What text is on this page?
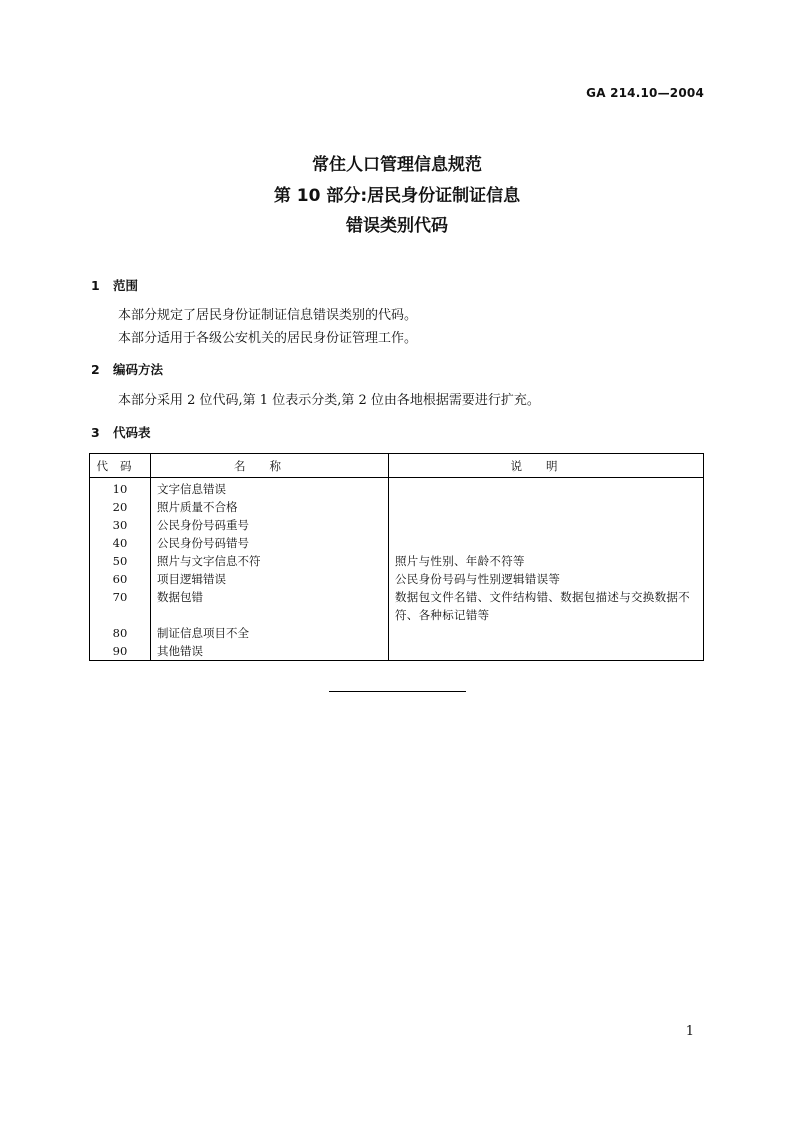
GA 214.10—2004
常住人口管理信息规范
第 10 部分:居民身份证制证信息
错误类别代码
1 范围
本部分规定了居民身份证制证信息错误类别的代码。
本部分适用于各级公安机关的居民身份证管理工作。
2 编码方法
本部分采用 2 位代码,第 1 位表示分类,第 2 位由各地根据需要进行扩充。
3 代码表
代码	名称	说明
10	文字信息错误	
20	照片质量不合格	
30	公民身份号码重号	
40	公民身份号码错号	
50	照片与文字信息不符	照片与性别、年龄不符等
60	项目逻辑错误	公民身份号码与性别逻辑错误等
70	数据包错	数据包文件名错、文件结构错、数据包描述与交换数据不符、各种标记错等
80	制证信息项目不全	
90	其他错误	
1
